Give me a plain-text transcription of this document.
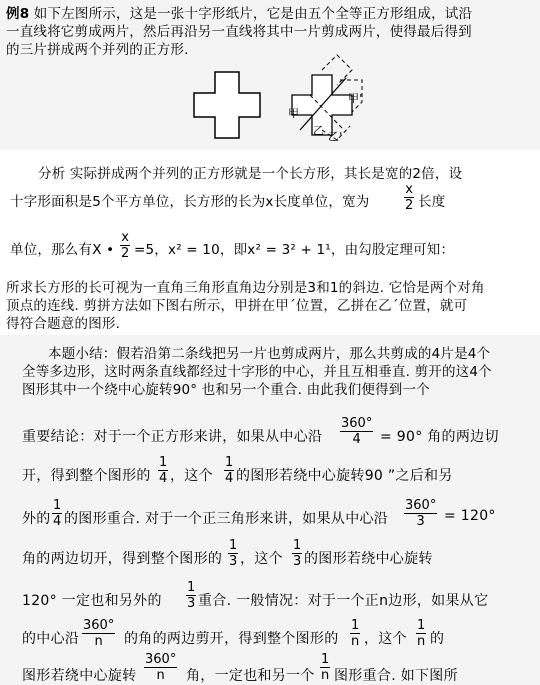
例8 如下左图所示，这是一张十字形纸片，它是由五个全等正方形组成，试沿
一直线将它剪成两片，然后再沿另一直线将其中一片剪成两片，使得最后得到
的三片拼成两个并列的正方形.
甲
甲'
乙 乙'
分析 实际拼成两个并列的正方形就是一个长方形，其长是宽的2倍，设
十字形面积是5个平方单位，长方形的长为x长度单位，宽为
x
2 长度
单位，那么有X •
x
2 =5，x² = 10，即x² = 3² + 1¹，由勾股定理可知：
所求长方形的长可视为一直角三角形直角边分别是3和1的斜边. 它恰是两个对角
顶点的连线. 剪拼方法如下图右所示，甲拼在甲ˊ位置，乙拼在乙ˊ位置，就可
得符合题意的图形.
本题小结：假若沿第二条线把另一片也剪成两片，那么共剪成的4片是4个
全等多边形，这时两条直线都经过十字形的中心，并且互相垂直. 剪开的这4个
图形其中一个绕中心旋转90° 也和另一个重合. 由此我们便得到一个
重要结论：对于一个正方形来讲，如果从中心沿
360°
4 = 90° 角的两边切
开，得到整个图形的
1
4 ，这个
1
4 的图形若绕中心旋转90 ”之后和另
外的
1
4 的图形重合. 对于一个正三角形来讲，如果从中心沿
360°
3 = 120°
角的两边切开，得到整个图形的
1
3 ，这个
1
3 的图形若绕中心旋转
120° 一定也和另外的
1
3 重合. 一般情况：对于一个正n边形，如果从它
的中心沿
360°
n 的角的两边剪开，得到整个图形的
1
n ，这个
1
n 的
图形若绕中心旋转
360°
n 角，一定也和另一个
1
n 图形重合. 如下图所
